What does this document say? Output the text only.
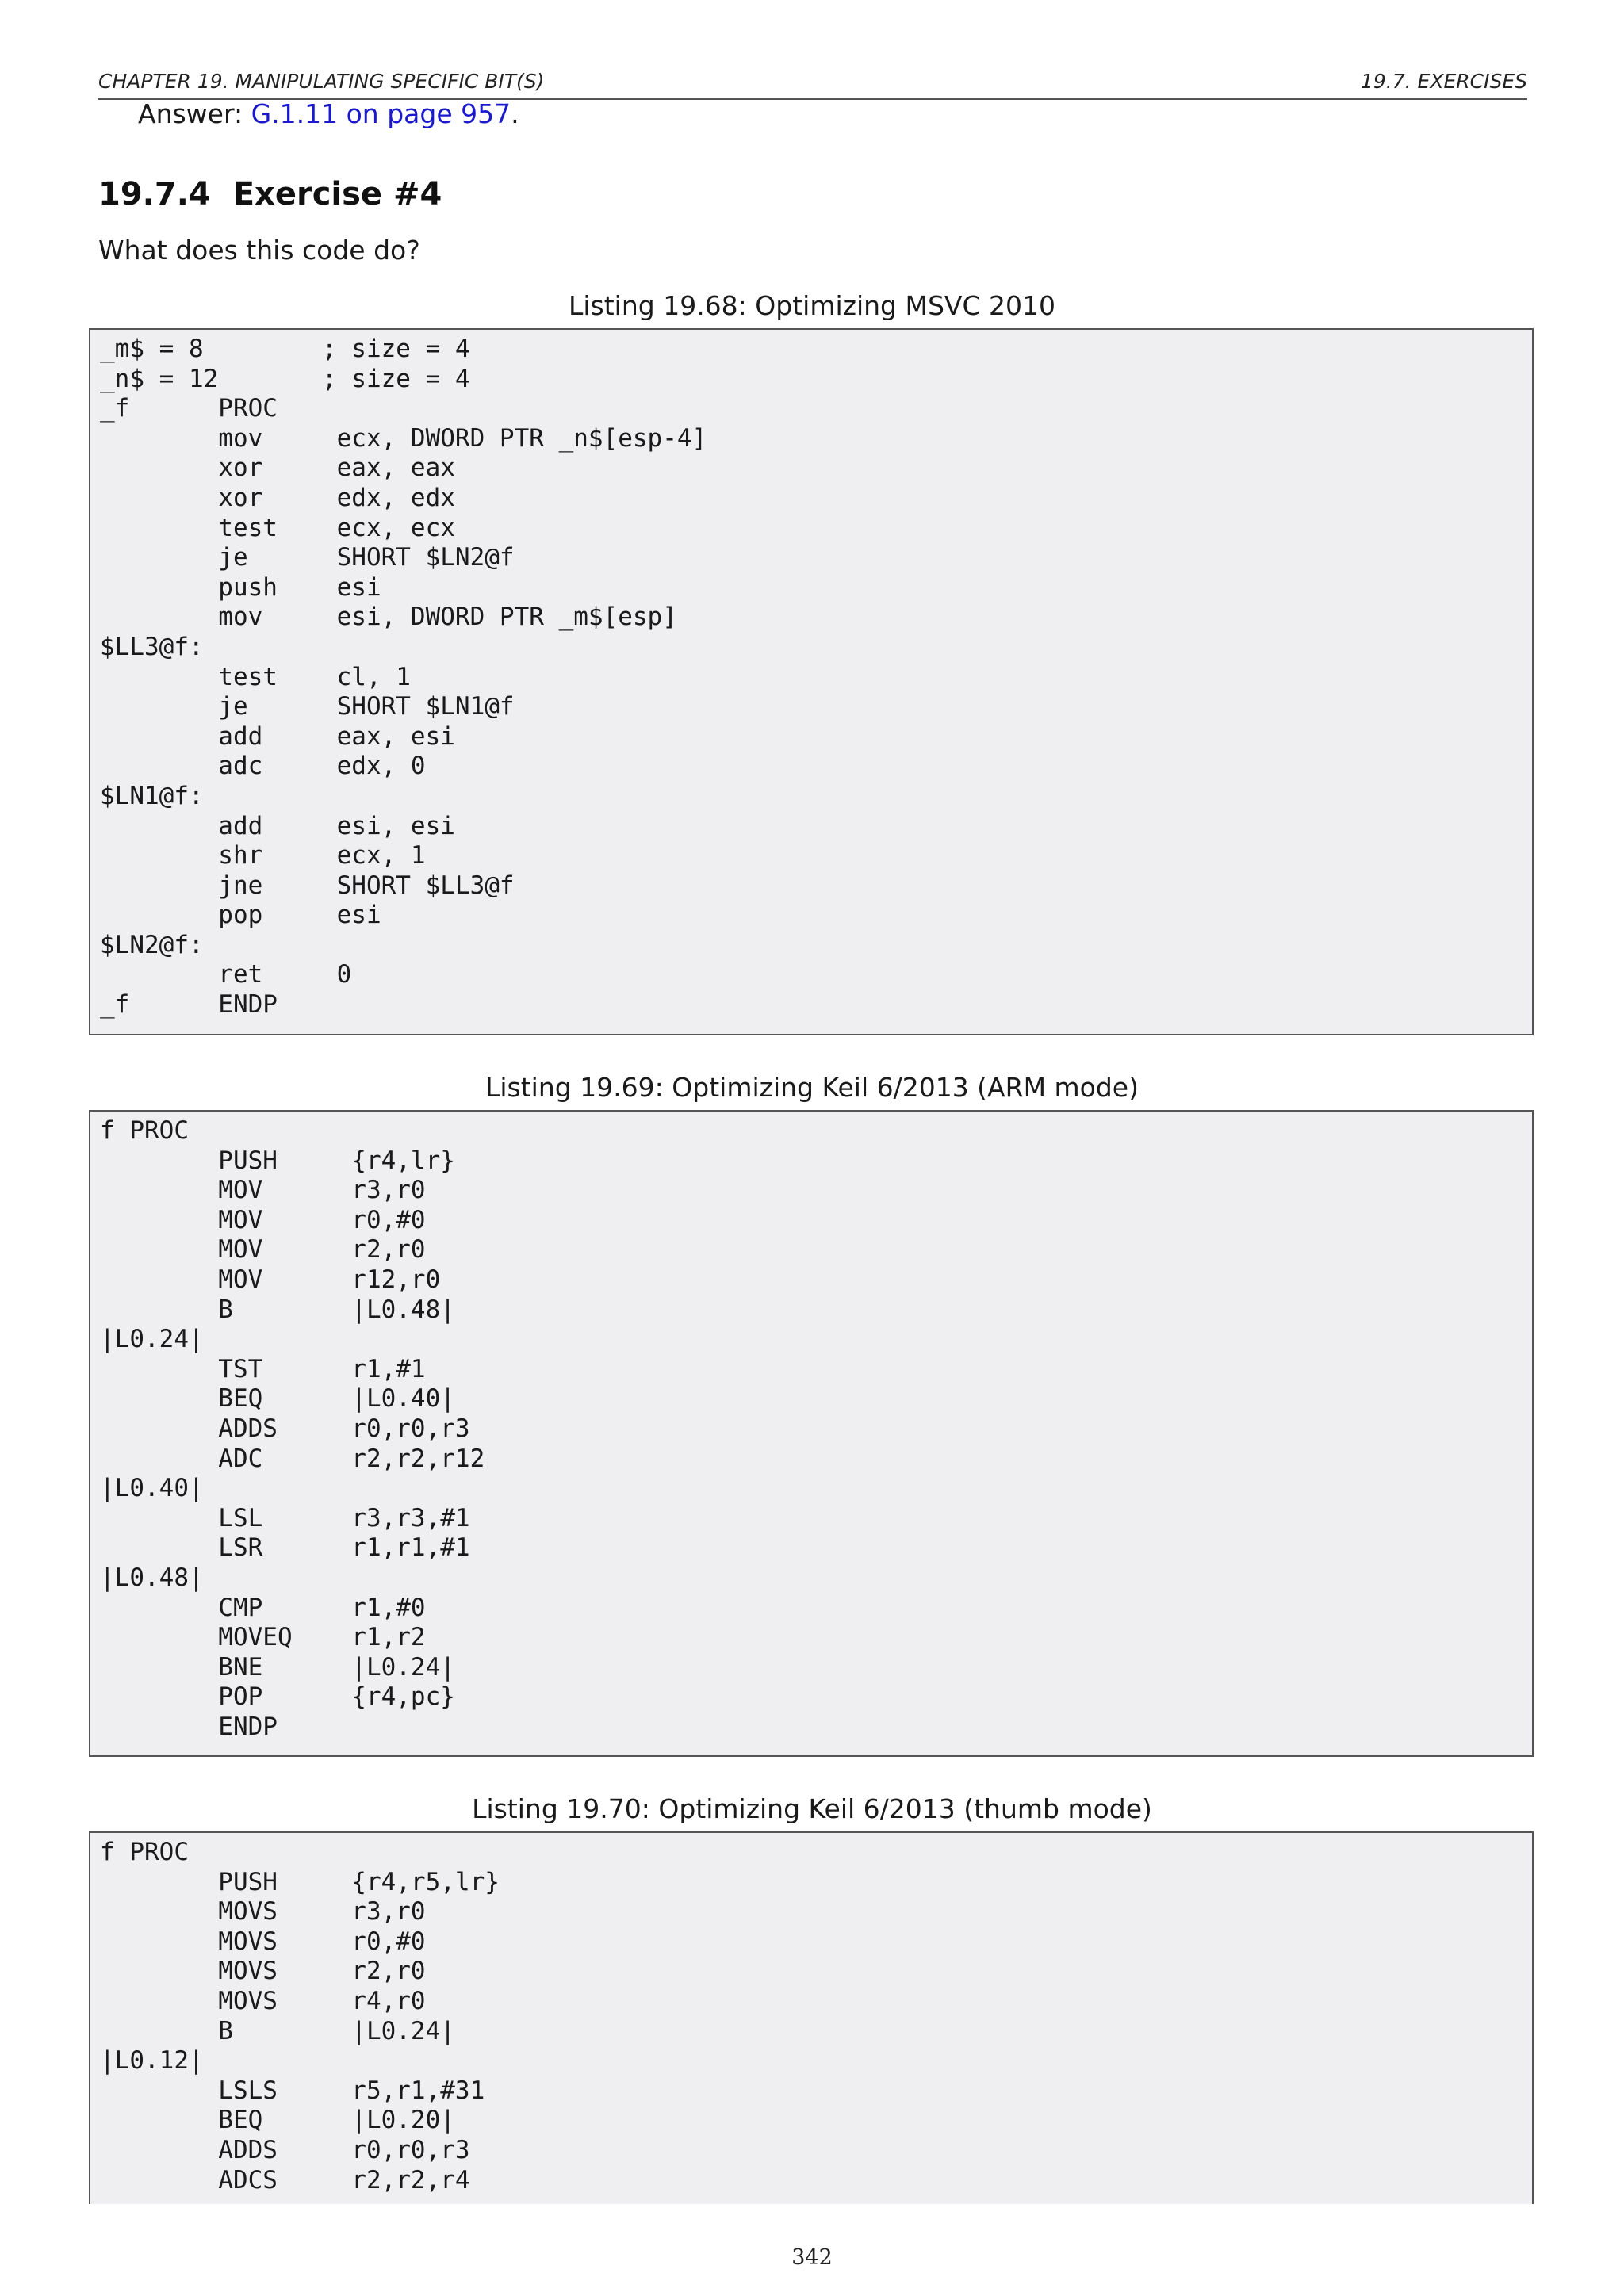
CHAPTER 19. MANIPULATING SPECIFIC BIT(S)	19.7. EXERCISES
Answer: G.1.11 on page 957.
19.7.4 Exercise #4
What does this code do?
Listing 19.68: Optimizing MSVC 2010
_m$ = 8        ; size = 4
_n$ = 12       ; size = 4
_f      PROC
mov     ecx, DWORD PTR _n$[esp-4]
xor     eax, eax
xor     edx, edx
test    ecx, ecx
je      SHORT $LN2@f
push    esi
mov     esi, DWORD PTR _m$[esp]
$LL3@f:
test    cl, 1
je      SHORT $LN1@f
add     eax, esi
adc     edx, 0
$LN1@f:
add     esi, esi
shr     ecx, 1
jne     SHORT $LL3@f
pop     esi
$LN2@f:
ret     0
_f      ENDP
Listing 19.69: Optimizing Keil 6/2013 (ARM mode)
f PROC
PUSH     {r4,lr}
MOV      r3,r0
MOV      r0,#0
MOV      r2,r0
MOV      r12,r0
B        |L0.48|
|L0.24|
TST      r1,#1
BEQ      |L0.40|
ADDS     r0,r0,r3
ADC      r2,r2,r12
|L0.40|
LSL      r3,r3,#1
LSR      r1,r1,#1
|L0.48|
CMP      r1,#0
MOVEQ    r1,r2
BNE      |L0.24|
POP      {r4,pc}
ENDP
Listing 19.70: Optimizing Keil 6/2013 (thumb mode)
f PROC
PUSH     {r4,r5,lr}
MOVS     r3,r0
MOVS     r0,#0
MOVS     r2,r0
MOVS     r4,r0
B        |L0.24|
|L0.12|
LSLS     r5,r1,#31
BEQ      |L0.20|
ADDS     r0,r0,r3
ADCS     r2,r2,r4
342
